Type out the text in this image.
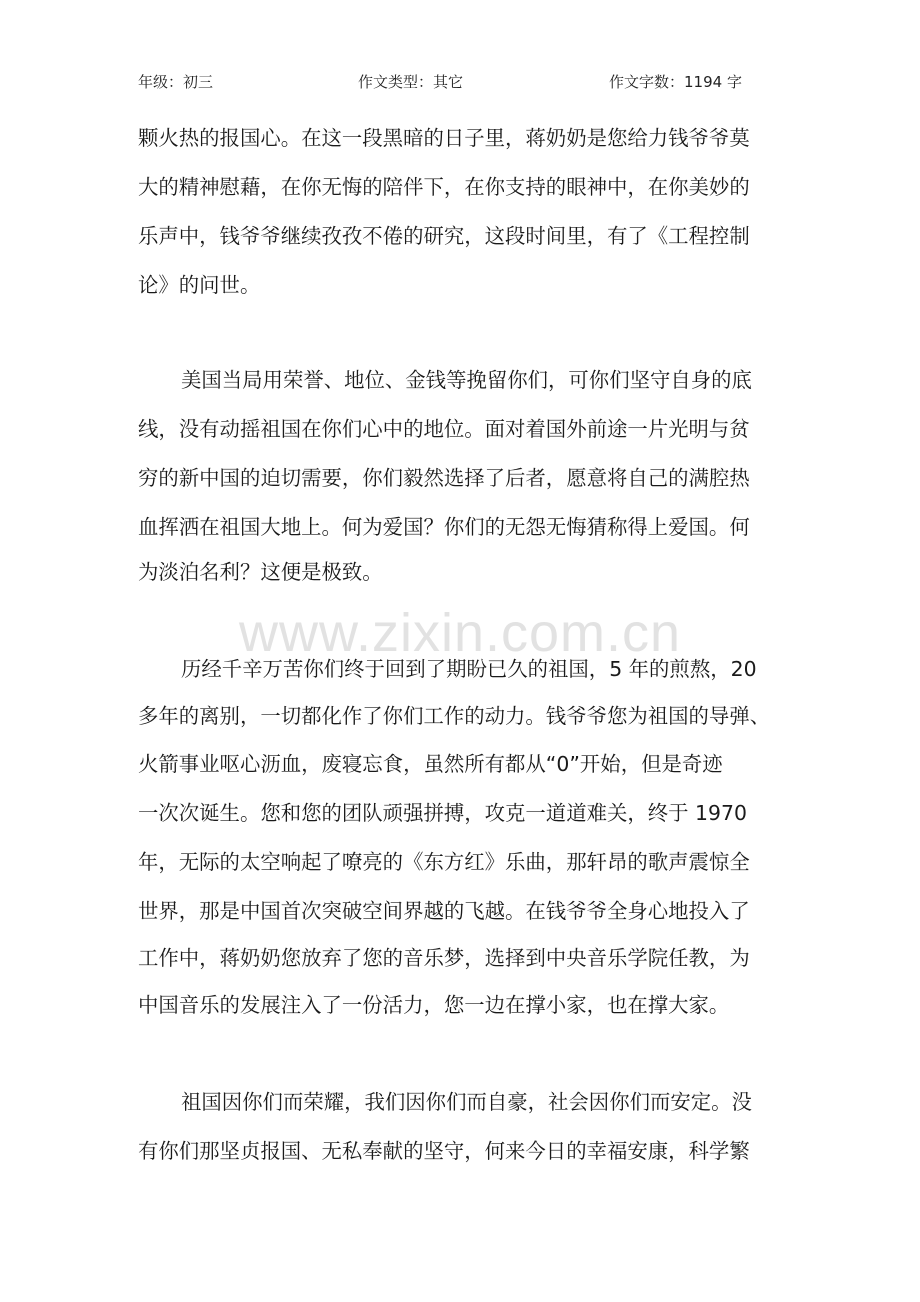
年级：初三	作文类型：其它	作文字数：1194 字
www.zixin.com.cn
颗火热的报国心。在这一段黑暗的日子里，蒋奶奶是您给力钱爷爷莫
大的精神慰藉，在你无悔的陪伴下，在你支持的眼神中，在你美妙的
乐声中，钱爷爷继续孜孜不倦的研究，这段时间里，有了《工程控制
论》的问世。
美国当局用荣誉、地位、金钱等挽留你们，可你们坚守自身的底
线，没有动摇祖国在你们心中的地位。面对着国外前途一片光明与贫
穷的新中国的迫切需要，你们毅然选择了后者，愿意将自己的满腔热
血挥洒在祖国大地上。何为爱国？你们的无怨无悔猜称得上爱国。何
为淡泊名利？这便是极致。
历经千辛万苦你们终于回到了期盼已久的祖国，5 年的煎熬，20
多年的离别，一切都化作了你们工作的动力。钱爷爷您为祖国的导弹、
火箭事业呕心沥血，废寝忘食，虽然所有都从“0”开始，但是奇迹
一次次诞生。您和您的团队顽强拼搏，攻克一道道难关，终于 1970
年，无际的太空响起了嘹亮的《东方红》乐曲，那轩昂的歌声震惊全
世界，那是中国首次突破空间界越的飞越。在钱爷爷全身心地投入了
工作中，蒋奶奶您放弃了您的音乐梦，选择到中央音乐学院任教，为
中国音乐的发展注入了一份活力，您一边在撑小家，也在撑大家。
祖国因你们而荣耀，我们因你们而自豪，社会因你们而安定。没
有你们那坚贞报国、无私奉献的坚守，何来今日的幸福安康，科学繁
